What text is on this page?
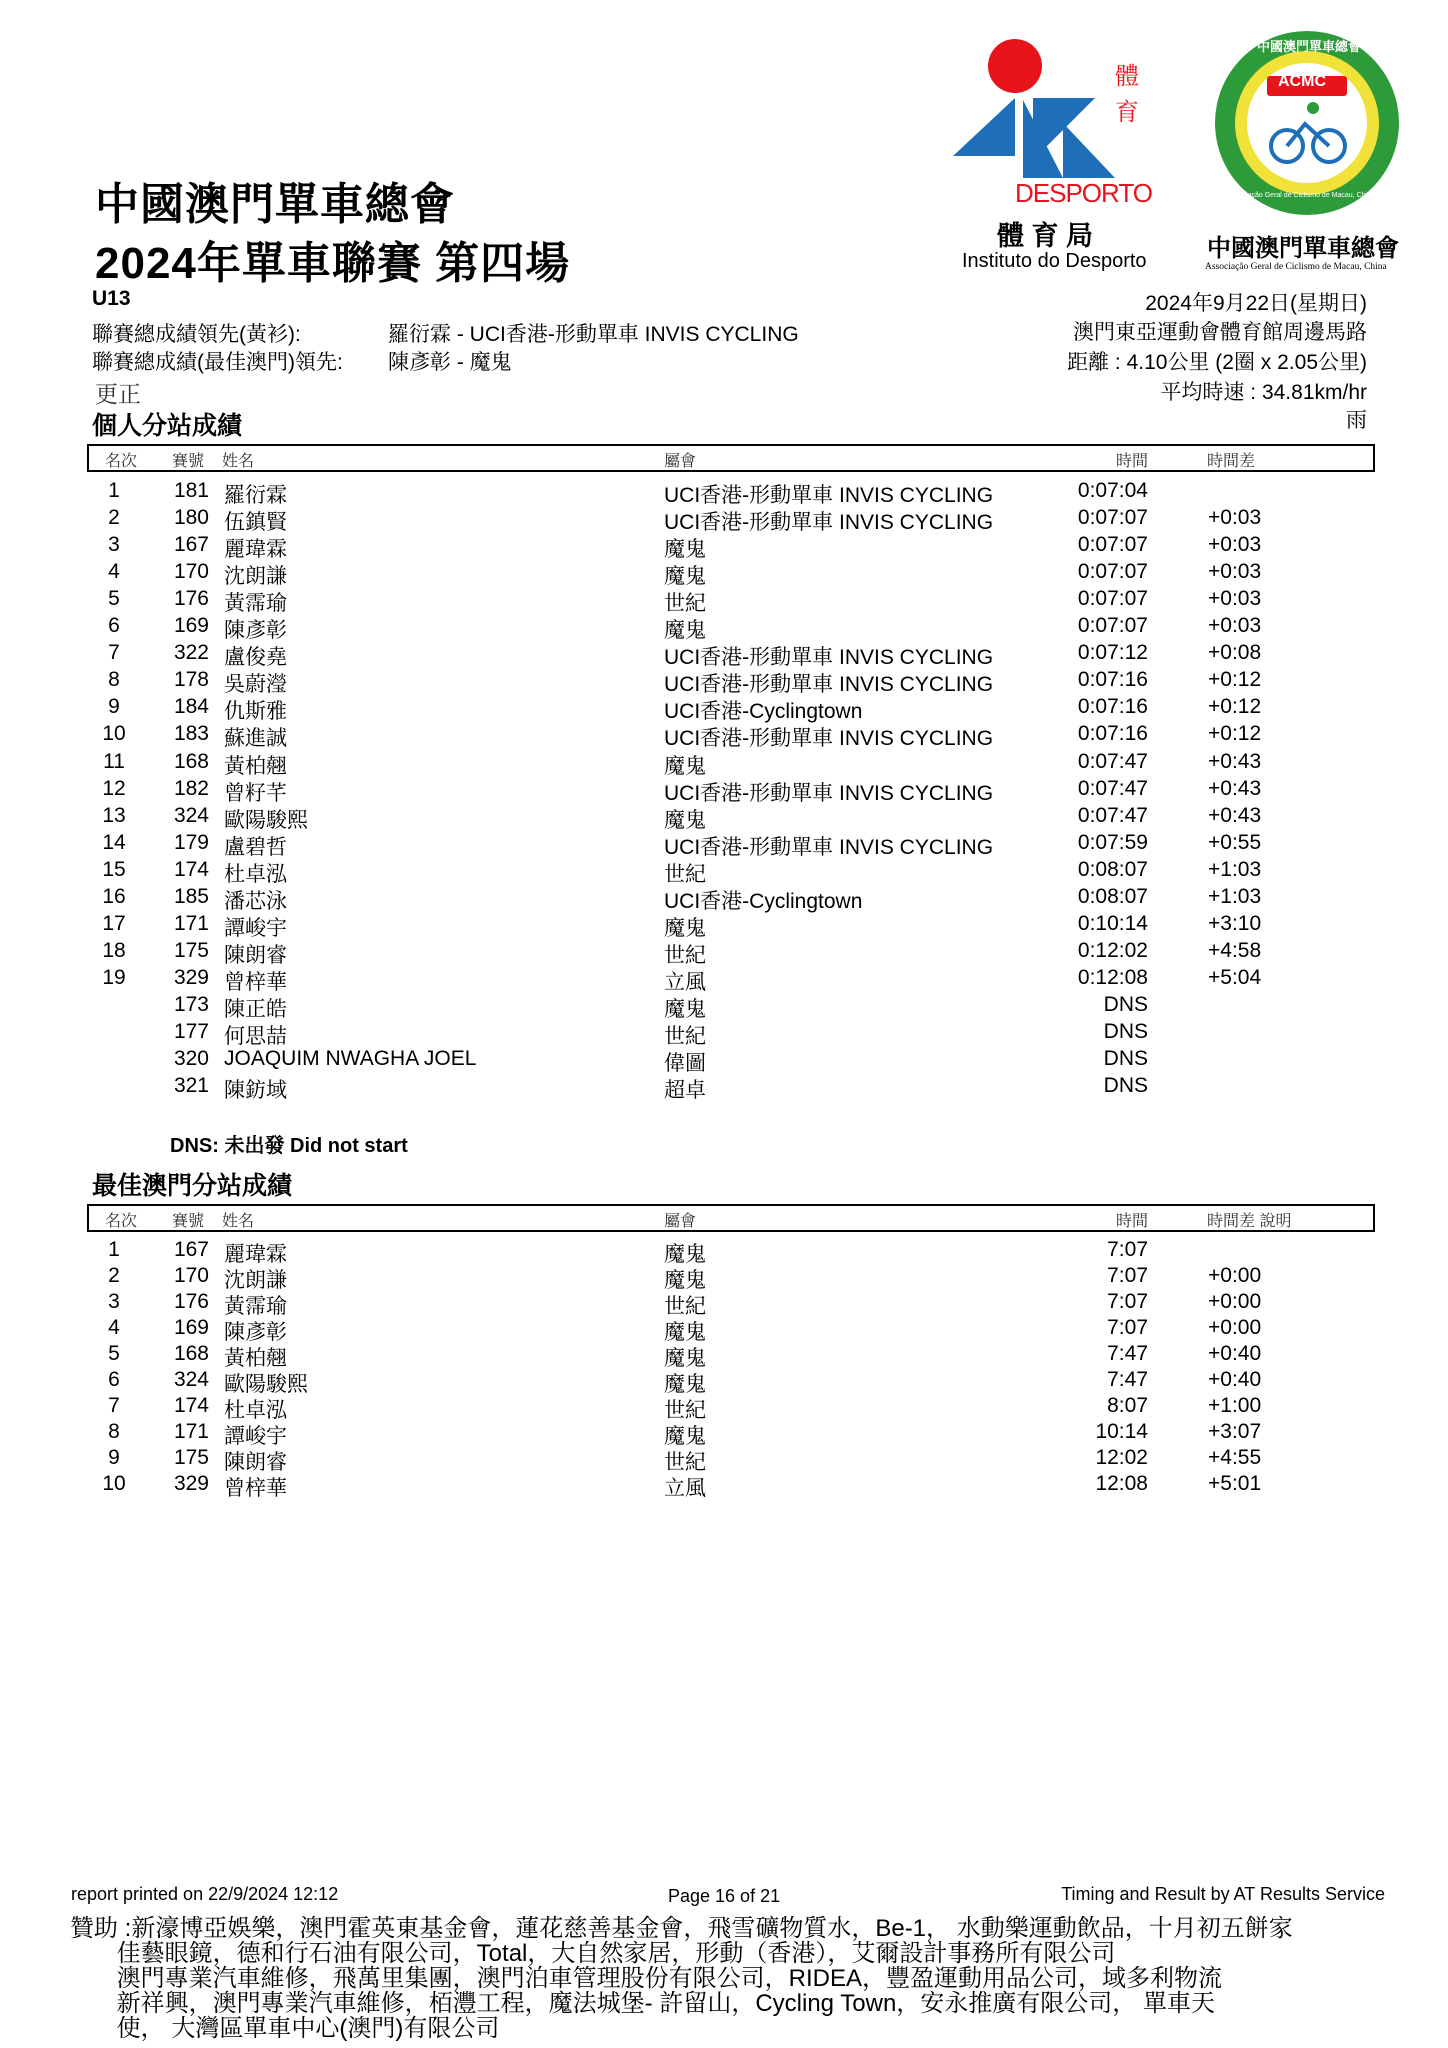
體
育
DESPORTO
體 育 局
Instituto do Desporto
ACMC
中國澳門單車總會
Associação Geral de Ciclismo de Macau, China
中國澳門單車總會
Associação Geral de Ciclismo de Macau, China
中國澳門單車總會
2024年單車聯賽 第四場
U13
聯賽總成績領先(黃衫):	羅衍霖 - UCI香港-形動單車 INVIS CYCLING
聯賽總成績(最佳澳門)領先: 陳彥彰 - 魔鬼
更正
2024年9月22日(星期日)
澳門東亞運動會體育館周邊馬路
距離 : 4.10公里 (2圈 x 2.05公里)
平均時速 : 34.81km/hr
雨
個人分站成績
名次 賽號 姓名	屬會	時間	時間差
1	181 羅衍霖	UCI香港-形動單車 INVIS CYCLING	0:07:04
2	180 伍鎮賢	UCI香港-形動單車 INVIS CYCLING	0:07:07	+0:03
3	167 麗瑋霖	魔鬼	0:07:07	+0:03
4	170 沈朗謙	魔鬼	0:07:07	+0:03
5	176 黃霈瑜	世紀	0:07:07	+0:03
6	169 陳彥彰	魔鬼	0:07:07	+0:03
7	322 盧俊堯	UCI香港-形動單車 INVIS CYCLING	0:07:12	+0:08
8	178 吳蔚瀅	UCI香港-形動單車 INVIS CYCLING	0:07:16	+0:12
9	184 仇斯雅	UCI香港-Cyclingtown	0:07:16	+0:12
10	183 蘇進誠	UCI香港-形動單車 INVIS CYCLING	0:07:16	+0:12
11	168 黃柏翹	魔鬼	0:07:47	+0:43
12	182 曾籽芊	UCI香港-形動單車 INVIS CYCLING	0:07:47	+0:43
13	324 歐陽駿熙	魔鬼	0:07:47	+0:43
14	179 盧碧哲	UCI香港-形動單車 INVIS CYCLING	0:07:59	+0:55
15	174 杜卓泓	世紀	0:08:07	+1:03
16	185 潘芯泳	UCI香港-Cyclingtown	0:08:07	+1:03
17	171 譚峻宇	魔鬼	0:10:14	+3:10
18	175 陳朗睿	世紀	0:12:02	+4:58
19	329 曾梓華	立風	0:12:08	+5:04
173 陳正皓	魔鬼	DNS
177 何思喆	世紀	DNS
320 JOAQUIM NWAGHA JOEL	偉圖	DNS
321 陳鈁域	超卓	DNS
DNS: 未出發 Did not start
最佳澳門分站成績
名次 賽號 姓名	屬會	時間	時間差 說明
1	167 麗瑋霖	魔鬼	7:07
2	170 沈朗謙	魔鬼	7:07	+0:00
3	176 黃霈瑜	世紀	7:07	+0:00
4	169 陳彥彰	魔鬼	7:07	+0:00
5	168 黃柏翹	魔鬼	7:47	+0:40
6	324 歐陽駿熙	魔鬼	7:47	+0:40
7	174 杜卓泓	世紀	8:07	+1:00
8	171 譚峻宇	魔鬼	10:14	+3:07
9	175 陳朗睿	世紀	12:02	+4:55
10	329 曾梓華	立風	12:08	+5:01
report printed on 22/9/2024 12:12	Page 16 of 21	Timing and Result by AT Results Service
贊助 :新濠博亞娛樂，澳門霍英東基金會，蓮花慈善基金會，飛雪礦物質水，Be-1， 水動樂運動飲品，十月初五餅家
佳藝眼鏡，德和行石油有限公司，Total，大自然家居，形動（香港），艾爾設計事務所有限公司
澳門專業汽車維修，飛萬里集團，澳門泊車管理股份有限公司，RIDEA，豐盈運動用品公司，域多利物流
新祥興，澳門專業汽車維修，栢灃工程，魔法城堡- 許留山，Cycling Town，安永推廣有限公司， 單車天
使， 大灣區單車中心(澳門)有限公司
